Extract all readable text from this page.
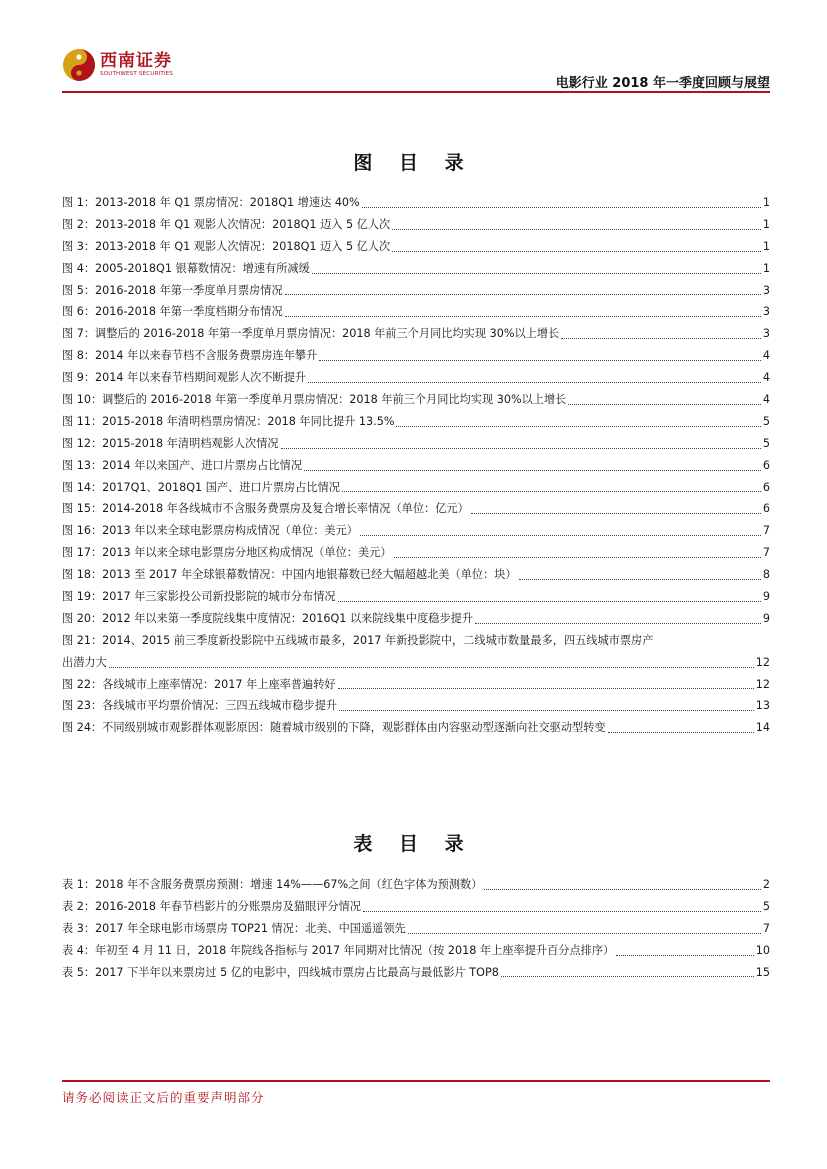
西南证券
SOUTHWEST SECURITIES
电影行业 2018 年一季度回顾与展望
图 目 录
图 1：2013-2018 年 Q1 票房情况：2018Q1 增速达 40%	1
图 2：2013-2018 年 Q1 观影人次情况：2018Q1 迈入 5 亿人次	1
图 3：2013-2018 年 Q1 观影人次情况：2018Q1 迈入 5 亿人次	1
图 4：2005-2018Q1 银幕数情况：增速有所减缓	1
图 5：2016-2018 年第一季度单月票房情况	3
图 6：2016-2018 年第一季度档期分布情况	3
图 7：调整后的 2016-2018 年第一季度单月票房情况：2018 年前三个月同比均实现 30%以上增长	3
图 8：2014 年以来春节档不含服务费票房连年攀升	4
图 9：2014 年以来春节档期间观影人次不断提升	4
图 10：调整后的 2016-2018 年第一季度单月票房情况：2018 年前三个月同比均实现 30%以上增长	4
图 11：2015-2018 年清明档票房情况：2018 年同比提升 13.5%	5
图 12：2015-2018 年清明档观影人次情况	5
图 13：2014 年以来国产、进口片票房占比情况	6
图 14：2017Q1、2018Q1 国产、进口片票房占比情况	6
图 15：2014-2018 年各线城市不含服务费票房及复合增长率情况（单位：亿元）	6
图 16：2013 年以来全球电影票房构成情况（单位：美元）	7
图 17：2013 年以来全球电影票房分地区构成情况（单位：美元）	7
图 18：2013 至 2017 年全球银幕数情况：中国内地银幕数已经大幅超越北美（单位：块）	8
图 19：2017 年三家影投公司新投影院的城市分布情况	9
图 20：2012 年以来第一季度院线集中度情况：2016Q1 以来院线集中度稳步提升	9
图 21：2014、2015 前三季度新投影院中五线城市最多，2017 年新投影院中，二线城市数量最多，四五线城市票房产
出潜力大	12
图 22：各线城市上座率情况：2017 年上座率普遍转好	12
图 23：各线城市平均票价情况：三四五线城市稳步提升	13
图 24：不同级别城市观影群体观影原因：随着城市级别的下降，观影群体由内容驱动型逐渐向社交驱动型转变	14
表 目 录
表 1：2018 年不含服务费票房预测：增速 14%——67%之间（红色字体为预测数）	2
表 2：2016-2018 年春节档影片的分账票房及猫眼评分情况	5
表 3：2017 年全球电影市场票房 TOP21 情况：北美、中国遥遥领先	7
表 4：年初至 4 月 11 日，2018 年院线各指标与 2017 年同期对比情况（按 2018 年上座率提升百分点排序）	10
表 5：2017 下半年以来票房过 5 亿的电影中，四线城市票房占比最高与最低影片 TOP8	15
请务必阅读正文后的重要声明部分
